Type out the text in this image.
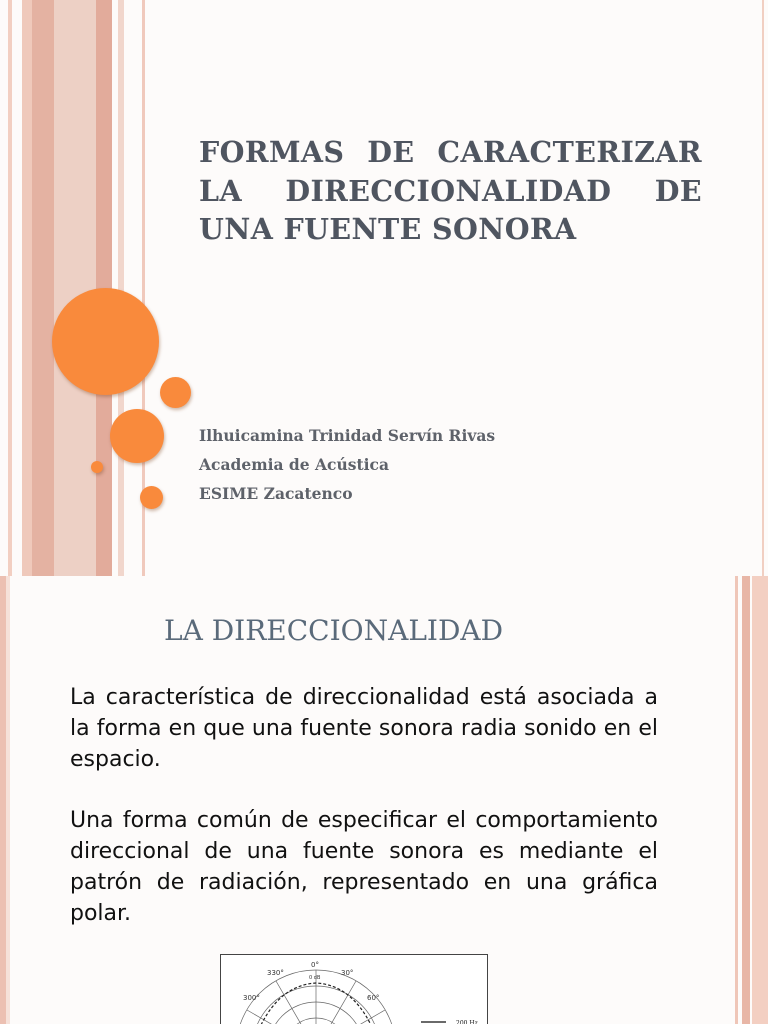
FORMAS DE CARACTERIZAR LA DIRECCIONALIDAD DE UNA FUENTE SONORA

Ilhuicamina Trinidad Servín Rivas

Academia de Acústica

ESIME Zacatenco

LA DIRECCIONALIDAD

La característica de direccionalidad está asociada a la forma en que una fuente sonora radia sonido en el espacio.

Una forma común de especificar el comportamiento direccional de una fuente sonora es mediante el patrón de radiación, representado en una gráfica polar.

0°
30°
60°
330°
300°
0 dB
200 Hz
